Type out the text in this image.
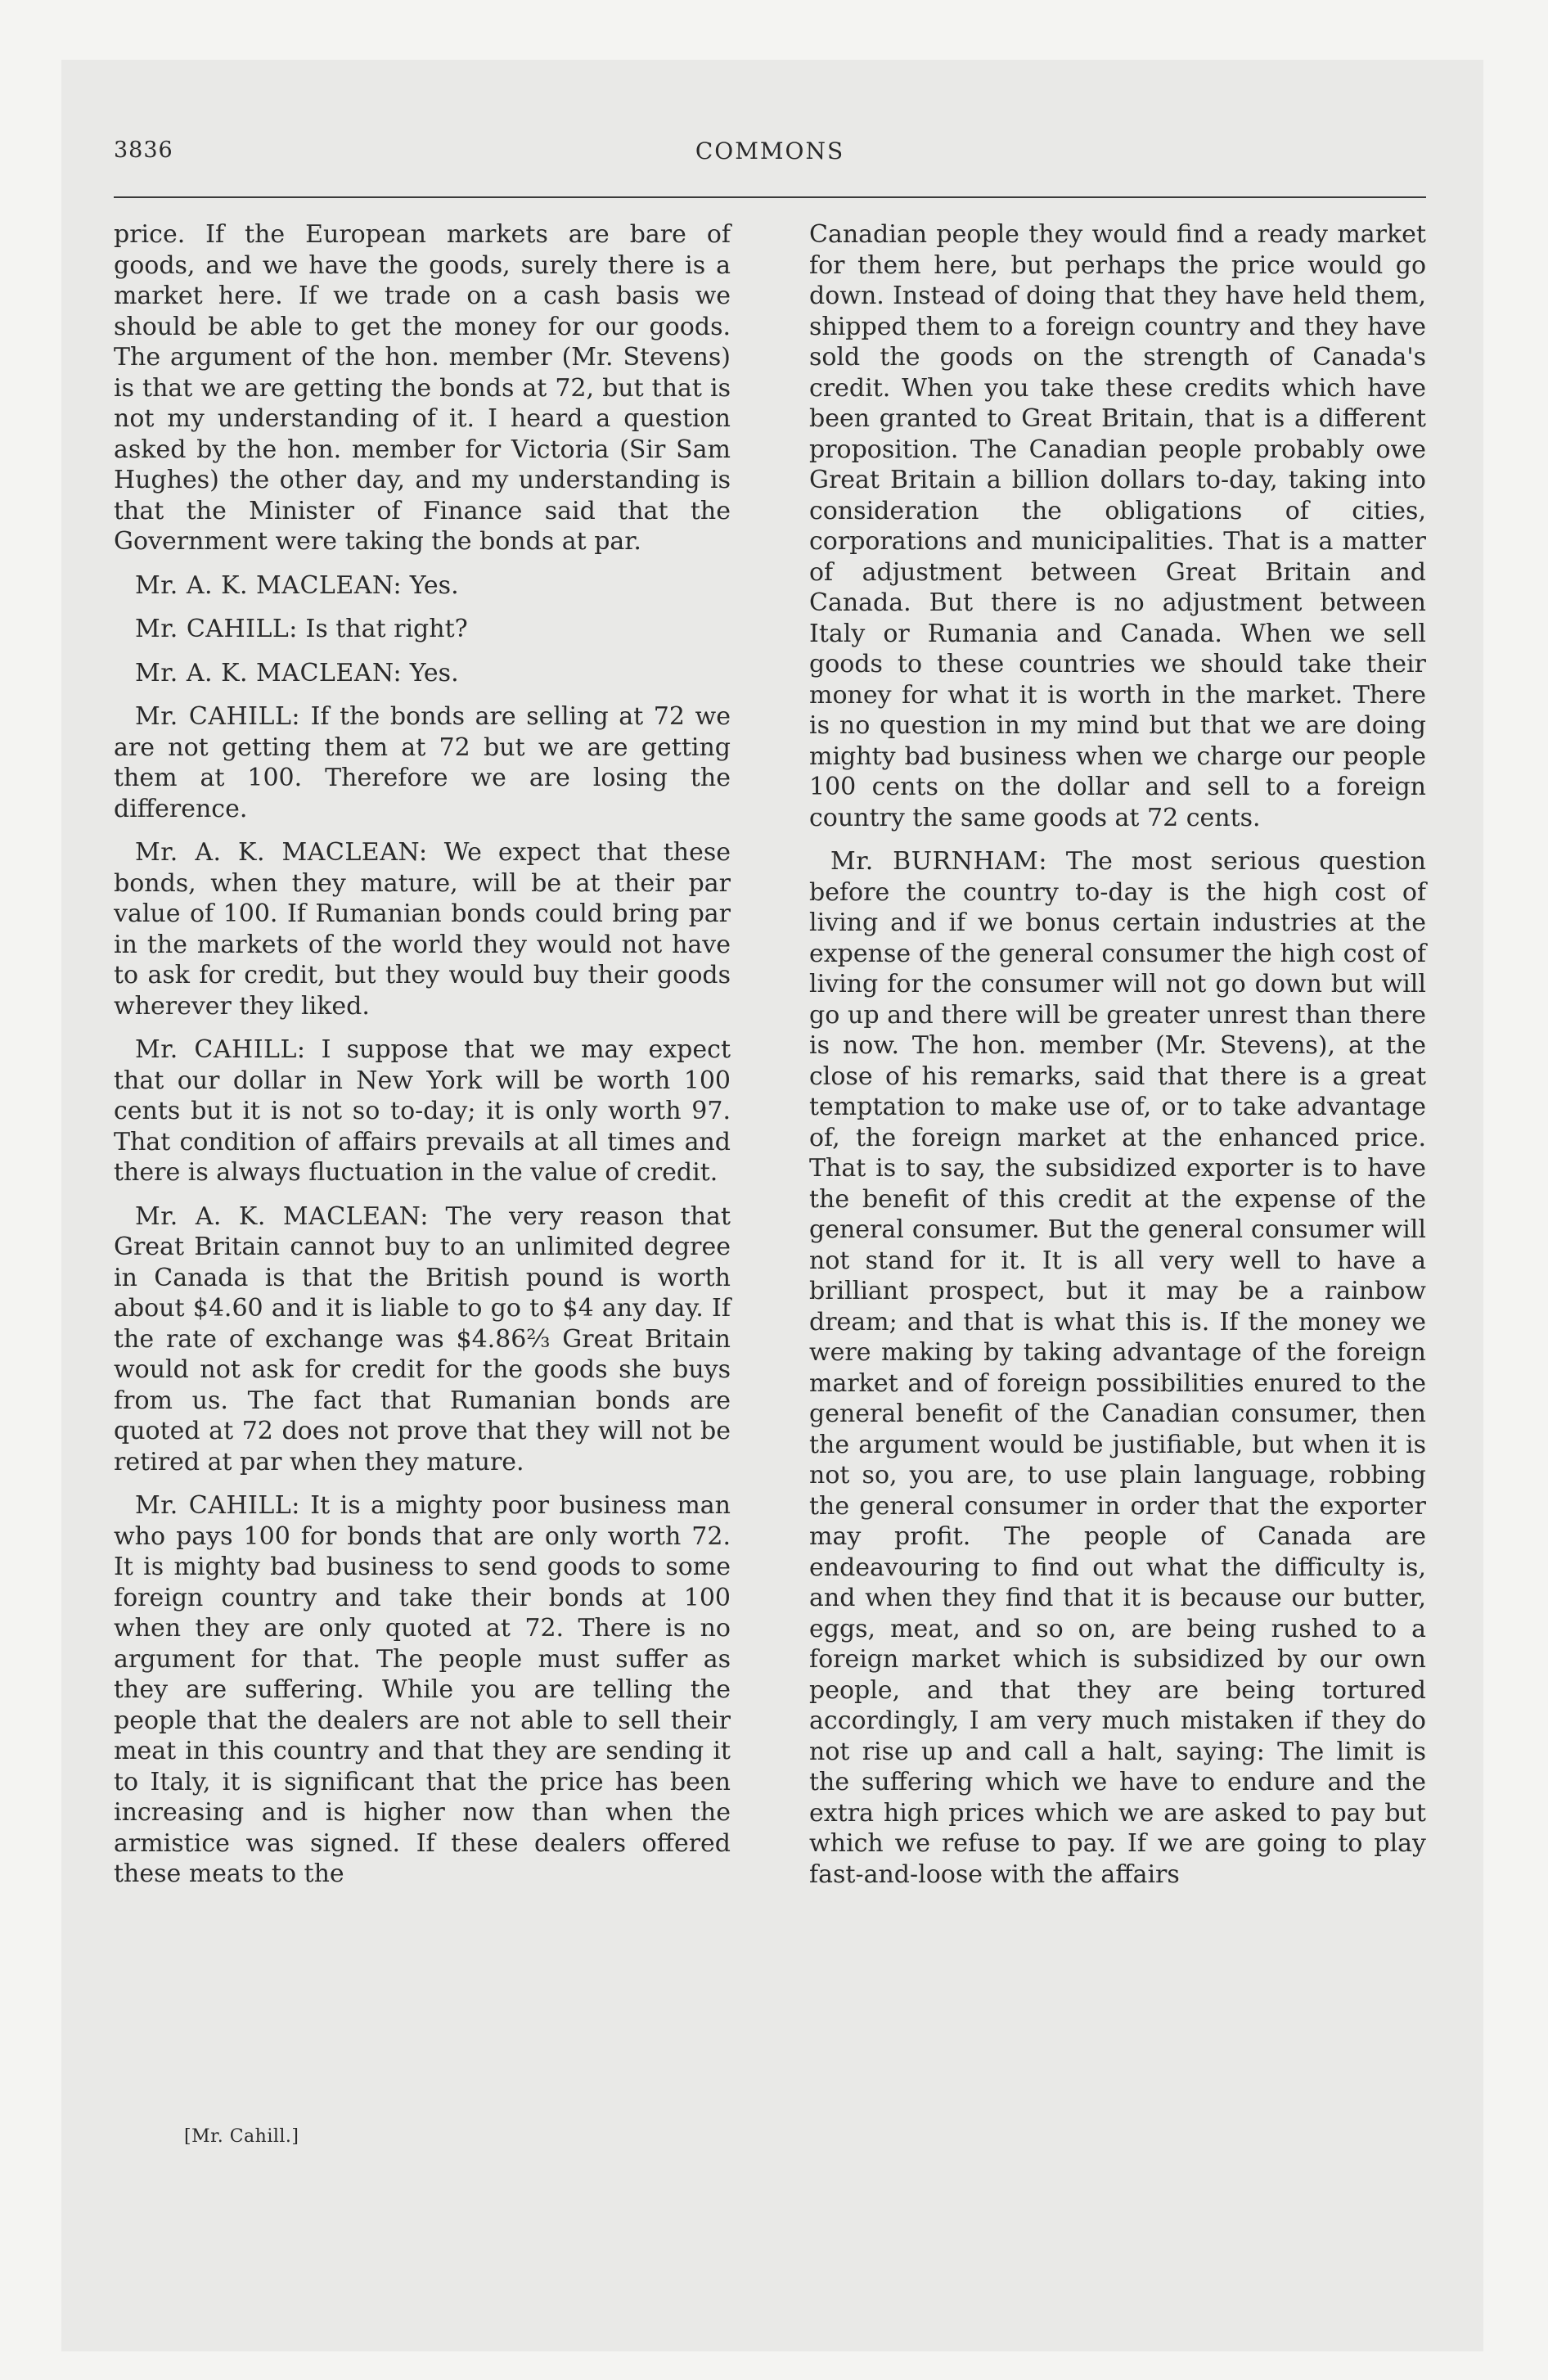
3836	COMMONS

price. If the European markets are bare of goods, and we have the goods, surely there is a market here. If we trade on a cash basis we should be able to get the money for our goods. The argument of the hon. member (Mr. Stevens) is that we are getting the bonds at 72, but that is not my understanding of it. I heard a question asked by the hon. member for Victoria (Sir Sam Hughes) the other day, and my understanding is that the Minister of Finance said that the Government were taking the bonds at par.

Mr. A. K. MACLEAN: Yes.

Mr. CAHILL: Is that right?

Mr. A. K. MACLEAN: Yes.

Mr. CAHILL: If the bonds are selling at 72 we are not getting them at 72 but we are getting them at 100. Therefore we are losing the difference.

Mr. A. K. MACLEAN: We expect that these bonds, when they mature, will be at their par value of 100. If Rumanian bonds could bring par in the markets of the world they would not have to ask for credit, but they would buy their goods wherever they liked.

Mr. CAHILL: I suppose that we may expect that our dollar in New York will be worth 100 cents but it is not so to-day; it is only worth 97. That condition of affairs prevails at all times and there is always fluctuation in the value of credit.

Mr. A. K. MACLEAN: The very reason that Great Britain cannot buy to an unlimited degree in Canada is that the British pound is worth about $4.60 and it is liable to go to $4 any day. If the rate of exchange was $4.86⅔ Great Britain would not ask for credit for the goods she buys from us. The fact that Rumanian bonds are quoted at 72 does not prove that they will not be retired at par when they mature.

Mr. CAHILL: It is a mighty poor business man who pays 100 for bonds that are only worth 72. It is mighty bad business to send goods to some foreign country and take their bonds at 100 when they are only quoted at 72. There is no argument for that. The people must suffer as they are suffering. While you are telling the people that the dealers are not able to sell their meat in this country and that they are sending it to Italy, it is significant that the price has been increasing and is higher now than when the armistice was signed. If these dealers offered these meats to the

Canadian people they would find a ready market for them here, but perhaps the price would go down. Instead of doing that they have held them, shipped them to a foreign country and they have sold the goods on the strength of Canada's credit. When you take these credits which have been granted to Great Britain, that is a different proposition. The Canadian people probably owe Great Britain a billion dollars to-day, taking into consideration the obligations of cities, corporations and municipalities. That is a matter of adjustment between Great Britain and Canada. But there is no adjustment between Italy or Rumania and Canada. When we sell goods to these countries we should take their money for what it is worth in the market. There is no question in my mind but that we are doing mighty bad business when we charge our people 100 cents on the dollar and sell to a foreign country the same goods at 72 cents.

Mr. BURNHAM: The most serious question before the country to-day is the high cost of living and if we bonus certain industries at the expense of the general consumer the high cost of living for the consumer will not go down but will go up and there will be greater unrest than there is now. The hon. member (Mr. Stevens), at the close of his remarks, said that there is a great temptation to make use of, or to take advantage of, the foreign market at the enhanced price. That is to say, the subsidized exporter is to have the benefit of this credit at the expense of the general consumer. But the general consumer will not stand for it. It is all very well to have a brilliant prospect, but it may be a rainbow dream; and that is what this is. If the money we were making by taking advantage of the foreign market and of foreign possibilities enured to the general benefit of the Canadian consumer, then the argument would be justifiable, but when it is not so, you are, to use plain language, robbing the general consumer in order that the exporter may profit. The people of Canada are endeavouring to find out what the difficulty is, and when they find that it is because our butter, eggs, meat, and so on, are being rushed to a foreign market which is subsidized by our own people, and that they are being tortured accordingly, I am very much mistaken if they do not rise up and call a halt, saying: The limit is the suffering which we have to endure and the extra high prices which we are asked to pay but which we refuse to pay. If we are going to play fast-and-loose with the affairs

[Mr. Cahill.]
